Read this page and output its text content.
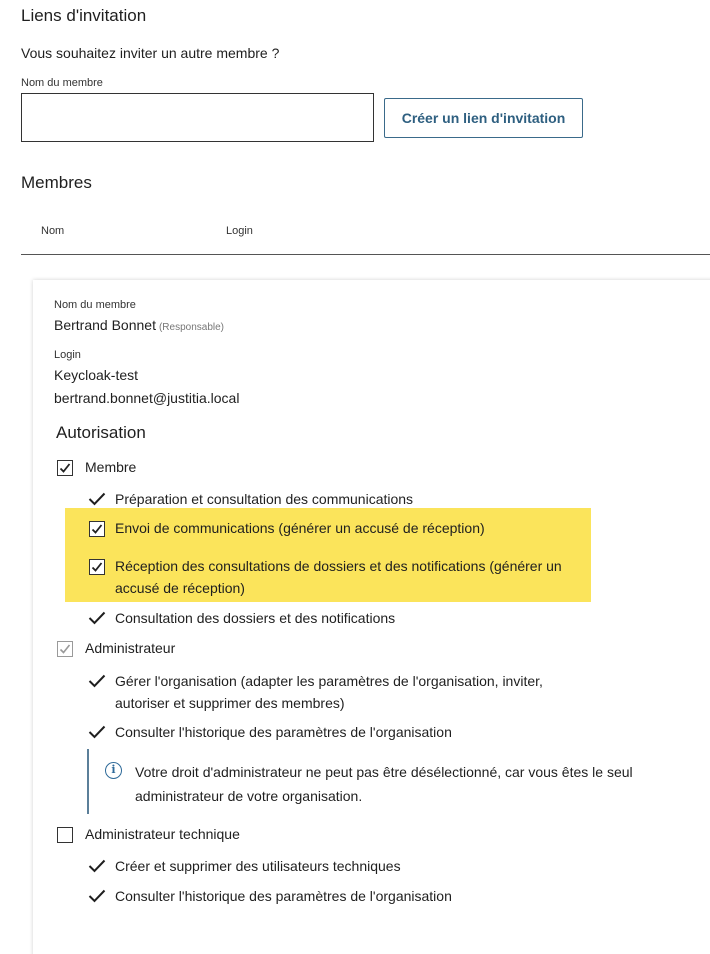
Liens d'invitation
Vous souhaitez inviter un autre membre ?
Nom du membre
Créer un lien d'invitation
Membres
Nom	Login
Nom du membre
Bertrand Bonnet (Responsable)
Login
Keycloak-test
bertrand.bonnet@justitia.local
Autorisation
Membre
Préparation et consultation des communications
Envoi de communications (générer un accusé de réception)
Réception des consultations de dossiers et des notifications (générer un accusé de réception)
Consultation des dossiers et des notifications
Administrateur
Gérer l'organisation (adapter les paramètres de l'organisation, inviter, autoriser et supprimer des membres)
Consulter l'historique des paramètres de l'organisation
i	Votre droit d'administrateur ne peut pas être désélectionné, car vous êtes le seul administrateur de votre organisation.
Administrateur technique
Créer et supprimer des utilisateurs techniques
Consulter l'historique des paramètres de l'organisation
